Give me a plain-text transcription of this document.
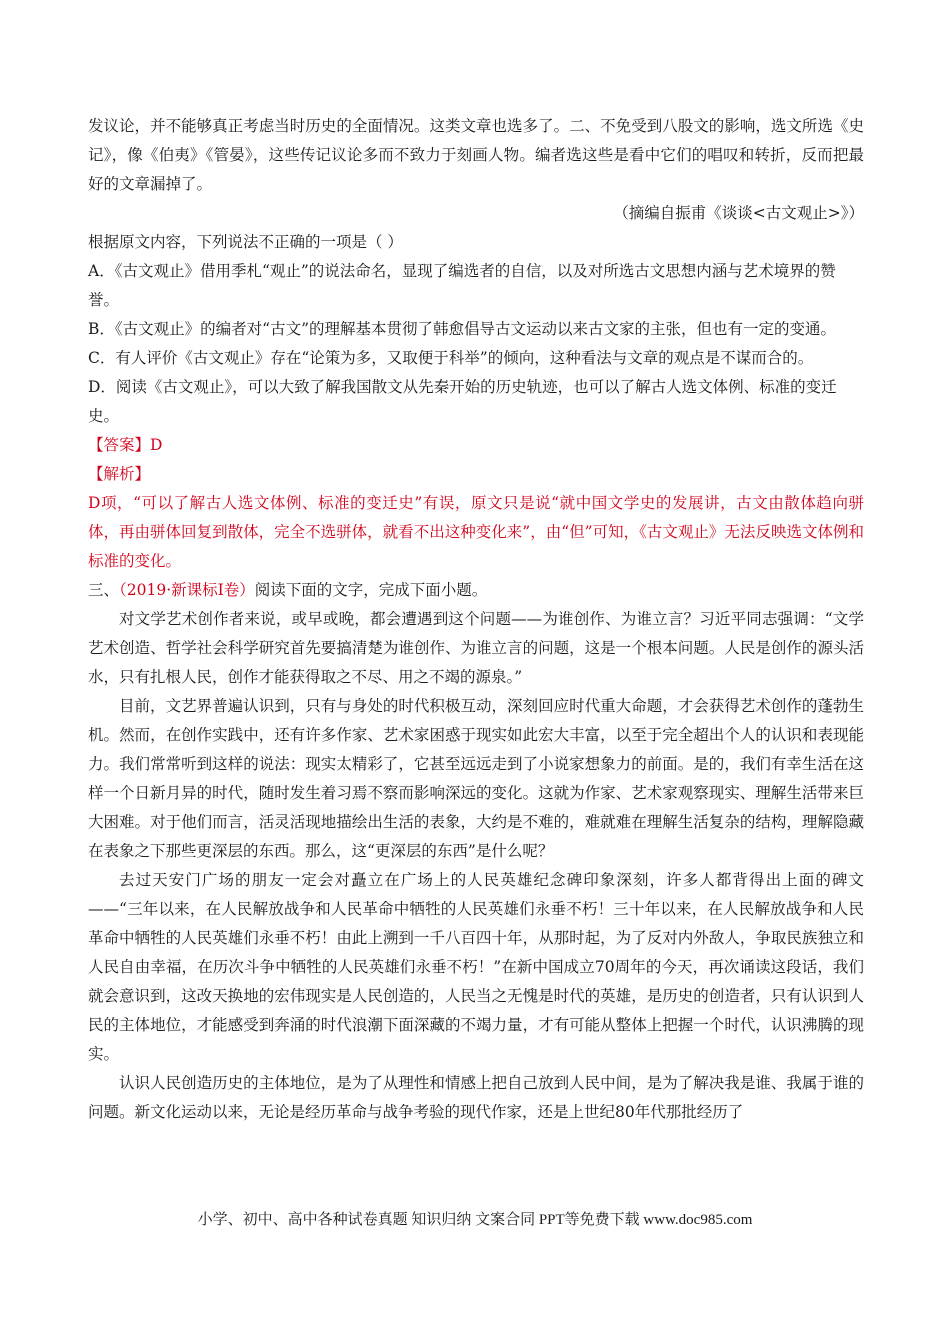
发议论，并不能够真正考虑当时历史的全面情况。这类文章也选多了。二、不免受到八股文的影响，选文所选《史记》，像《伯夷》《管晏》，这些传记议论多而不致力于刻画人物。编者选这些是看中它们的唱叹和转折，反而把最好的文章漏掉了。

（摘编自振甫《谈谈<古文观止>》）

根据原文内容，下列说法不正确的一项是（ ）

A．《古文观止》借用季札“观止”的说法命名，显现了编选者的自信，以及对所选古文思想内涵与艺术境界的赞誉。

B．《古文观止》的编者对“古文”的理解基本贯彻了韩愈倡导古文运动以来古文家的主张，但也有一定的变通。

C．有人评价《古文观止》存在“论策为多，又取便于科举”的倾向，这种看法与文章的观点是不谋而合的。

D．阅读《古文观止》，可以大致了解我国散文从先秦开始的历史轨迹，也可以了解古人选文体例、标准的变迁史。

【答案】D

【解析】

D项，“可以了解古人选文体例、标准的变迁史”有误，原文只是说“就中国文学史的发展讲，古文由散体趋向骈体，再由骈体回复到散体，完全不选骈体，就看不出这种变化来”，由“但”可知，《古文观止》无法反映选文体例和标准的变化。

三、（2019·新课标Ⅰ卷）阅读下面的文字，完成下面小题。

对文学艺术创作者来说，或早或晚，都会遭遇到这个问题——为谁创作、为谁立言？习近平同志强调：“文学艺术创造、哲学社会科学研究首先要搞清楚为谁创作、为谁立言的问题，这是一个根本问题。人民是创作的源头活水，只有扎根人民，创作才能获得取之不尽、用之不竭的源泉。”

目前，文艺界普遍认识到，只有与身处的时代积极互动，深刻回应时代重大命题，才会获得艺术创作的蓬勃生机。然而，在创作实践中，还有许多作家、艺术家困惑于现实如此宏大丰富，以至于完全超出个人的认识和表现能力。我们常常听到这样的说法：现实太精彩了，它甚至远远走到了小说家想象力的前面。是的，我们有幸生活在这样一个日新月异的时代，随时发生着习焉不察而影响深远的变化。这就为作家、艺术家观察现实、理解生活带来巨大困难。对于他们而言，活灵活现地描绘出生活的表象，大约是不难的，难就难在理解生活复杂的结构，理解隐藏在表象之下那些更深层的东西。那么，这“更深层的东西”是什么呢？

去过天安门广场的朋友一定会对矗立在广场上的人民英雄纪念碑印象深刻，许多人都背得出上面的碑文——“三年以来，在人民解放战争和人民革命中牺牲的人民英雄们永垂不朽！三十年以来，在人民解放战争和人民革命中牺牲的人民英雄们永垂不朽！由此上溯到一千八百四十年，从那时起，为了反对内外敌人，争取民族独立和人民自由幸福，在历次斗争中牺牲的人民英雄们永垂不朽！”在新中国成立70周年的今天，再次诵读这段话，我们就会意识到，这改天换地的宏伟现实是人民创造的，人民当之无愧是时代的英雄，是历史的创造者，只有认识到人民的主体地位，才能感受到奔涌的时代浪潮下面深藏的不竭力量，才有可能从整体上把握一个时代，认识沸腾的现实。

认识人民创造历史的主体地位，是为了从理性和情感上把自己放到人民中间，是为了解决我是谁、我属于谁的问题。新文化运动以来，无论是经历革命与战争考验的现代作家，还是上世纪80年代那批经历了

小学、初中、高中各种试卷真题 知识归纳 文案合同 PPT等免费下载 www.doc985.com
